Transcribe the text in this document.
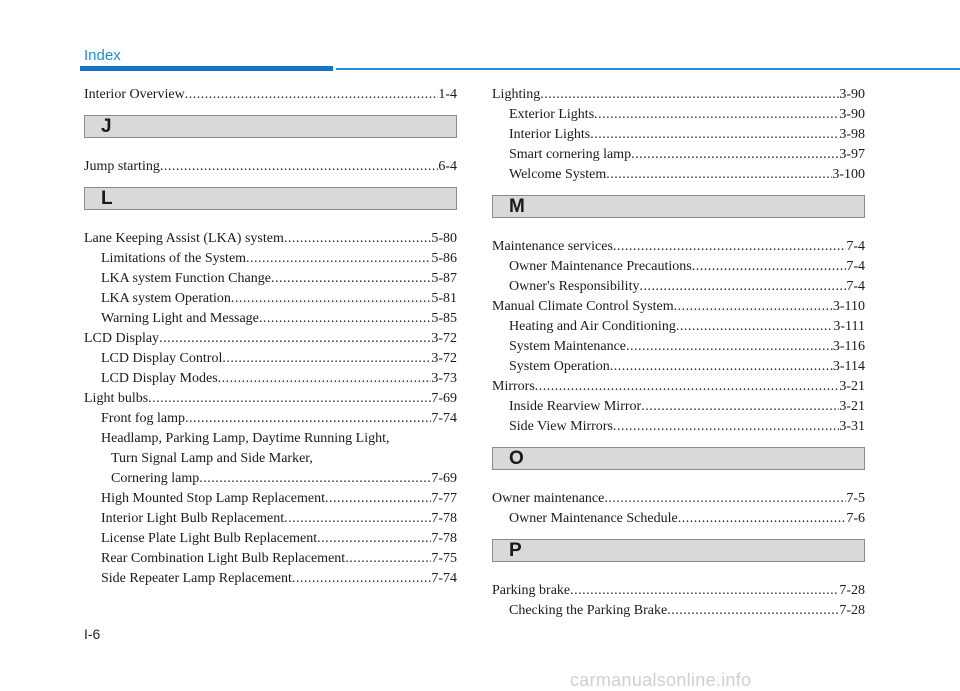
Index
Interior Overview .....	1-4
J
Jump starting .....	6-4
L
Lane Keeping Assist (LKA) system .....	5-80
Limitations of the System .....	5-86
LKA system Function Change .....	5-87
LKA system Operation .....	5-81
Warning Light and Message .....	5-85
LCD Display .....	3-72
LCD Display Control .....	3-72
LCD Display Modes .....	3-73
Light bulbs .....	7-69
Front fog lamp .....	7-74
Headlamp, Parking Lamp, Daytime Running Light,
Turn Signal Lamp and Side Marker,
Cornering lamp .....	7-69
High Mounted Stop Lamp Replacement .....	7-77
Interior Light Bulb Replacement .....	7-78
License Plate Light Bulb Replacement .....	7-78
Rear Combination Light Bulb Replacement .....	7-75
Side Repeater Lamp Replacement .....	7-74
Lighting .....	3-90
Exterior Lights .....	3-90
Interior Lights .....	3-98
Smart cornering lamp .....	3-97
Welcome System .....	3-100
M
Maintenance services .....	7-4
Owner Maintenance Precautions .....	7-4
Owner's Responsibility .....	7-4
Manual Climate Control System .....	3-110
Heating and Air Conditioning .....	3-111
System Maintenance .....	3-116
System Operation .....	3-114
Mirrors .....	3-21
Inside Rearview Mirror .....	3-21
Side View Mirrors .....	3-31
O
Owner maintenance .....	7-5
Owner Maintenance Schedule .....	7-6
P
Parking brake .....	7-28
Checking the Parking Brake .....	7-28
I-6
carmanualsonline.info
